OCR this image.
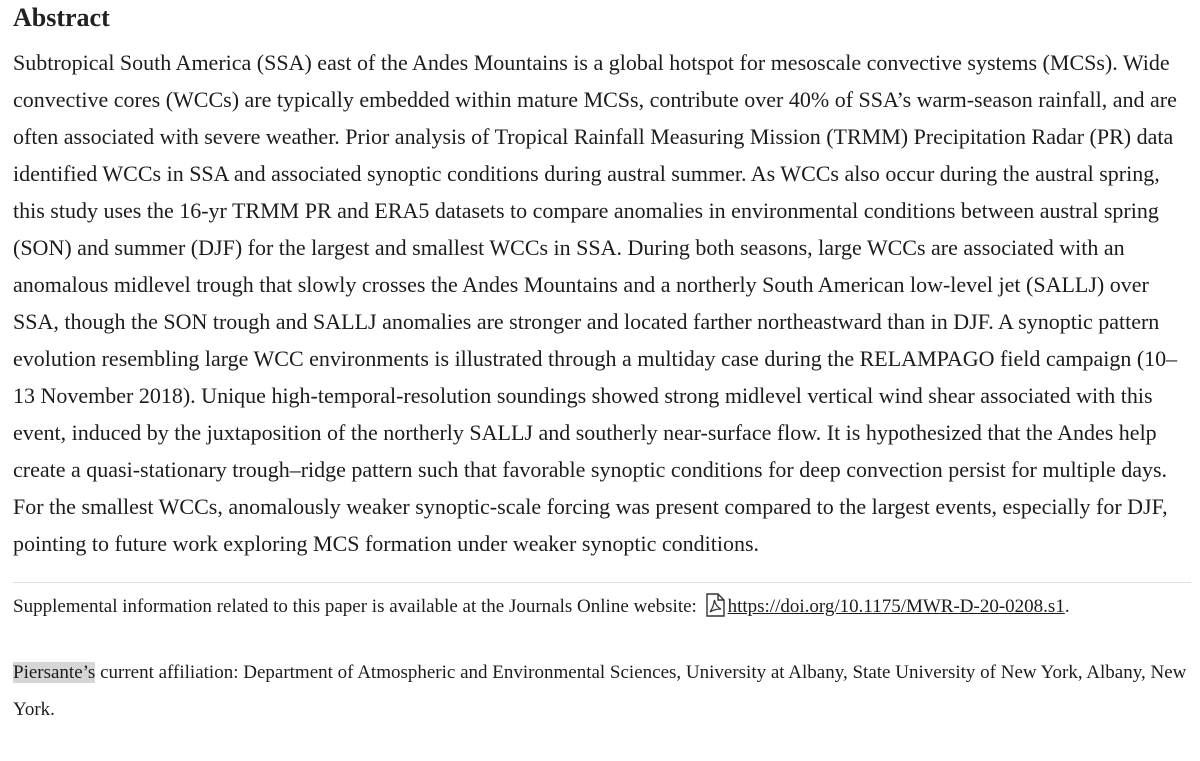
Abstract

Subtropical South America (SSA) east of the Andes Mountains is a global hotspot for mesoscale convective systems (MCSs). Wide convective cores (WCCs) are typically embedded within mature MCSs, contribute over 40% of SSA’s warm-season rainfall, and are often associated with severe weather. Prior analysis of Tropical Rainfall Measuring Mission (TRMM) Precipitation Radar (PR) data identified WCCs in SSA and associated synoptic conditions during austral summer. As WCCs also occur during the austral spring, this study uses the 16-yr TRMM PR and ERA5 datasets to compare anomalies in environmental conditions between austral spring (SON) and summer (DJF) for the largest and smallest WCCs in SSA. During both seasons, large WCCs are associated with an anomalous midlevel trough that slowly crosses the Andes Mountains and a northerly South American low-level jet (SALLJ) over SSA, though the SON trough and SALLJ anomalies are stronger and located farther northeastward than in DJF. A synoptic pattern evolution resembling large WCC environments is illustrated through a multiday case during the RELAMPAGO field campaign (10–13 November 2018). Unique high-temporal-resolution soundings showed strong midlevel vertical wind shear associated with this event, induced by the juxtaposition of the northerly SALLJ and southerly near-surface flow. It is hypothesized that the Andes help create a quasi-stationary trough–ridge pattern such that favorable synoptic conditions for deep convection persist for multiple days. For the smallest WCCs, anomalously weaker synoptic-scale forcing was present compared to the largest events, especially for DJF, pointing to future work exploring MCS formation under weaker synoptic conditions.

Supplemental information related to this paper is available at the Journals Online website: https://doi.org/10.1175/MWR-D-20-0208.s1.

Piersante’s current affiliation: Department of Atmospheric and Environmental Sciences, University at Albany, State University of New York, Albany, New York.
